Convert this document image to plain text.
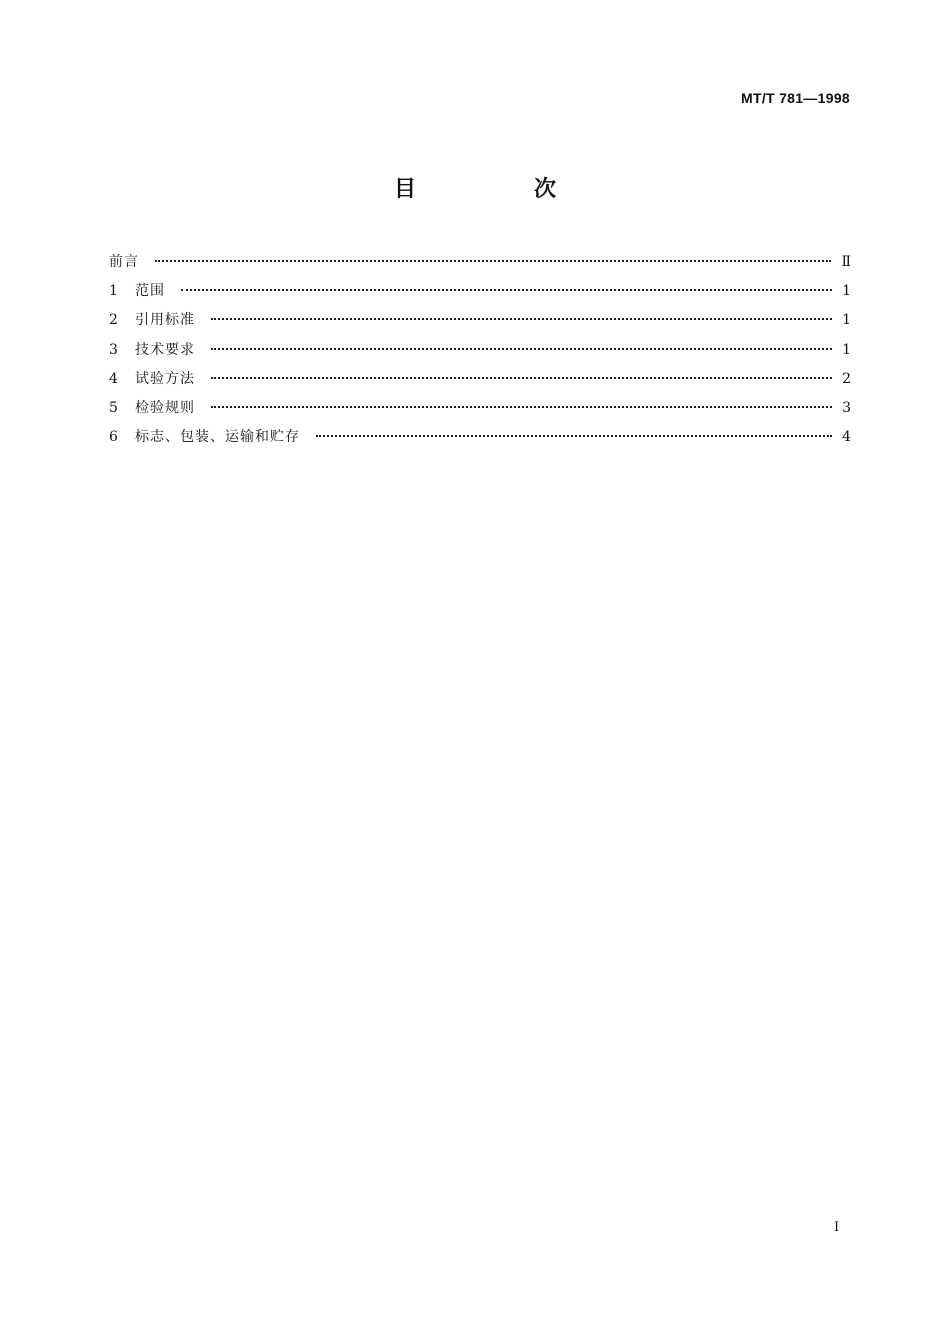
MT/T 781—1998
目　次
前言	Ⅱ
1	范围	1
2	引用标准	1
3	技术要求	1
4	试验方法	2
5	检验规则	3
6	标志、包装、运输和贮存	4
Ⅰ
